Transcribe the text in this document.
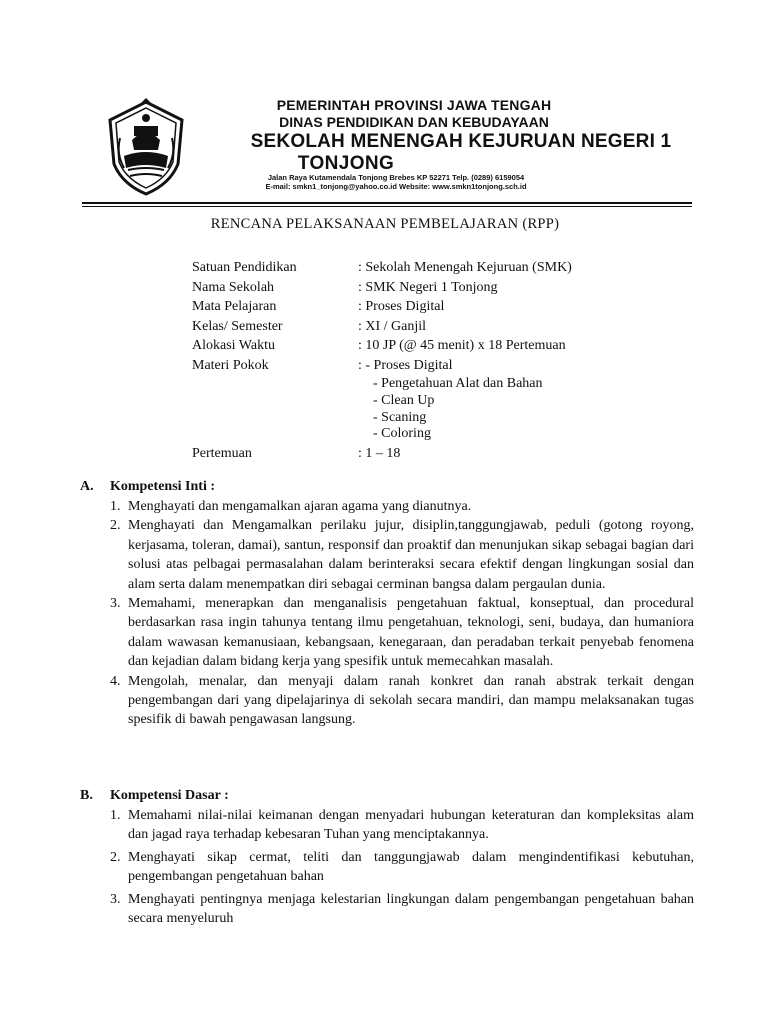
PEMERINTAH PROVINSI JAWA TENGAH
DINAS PENDIDIKAN DAN KEBUDAYAAN
SEKOLAH MENENGAH KEJURUAN NEGERI 1
TONJONG
Jalan Raya Kutamendala Tonjong Brebes KP 52271 Telp. (0289) 6159054
E-mail: smkn1_tonjong@yahoo.co.id Website: www.smkn1tonjong.sch.id
RENCANA PELAKSANAAN PEMBELAJARAN (RPP)
Satuan Pendidikan	: Sekolah Menengah Kejuruan (SMK)
Nama Sekolah	: SMK Negeri 1 Tonjong
Mata Pelajaran	: Proses Digital
Kelas/ Semester	: XI / Ganjil
Alokasi Waktu	: 10 JP (@ 45 menit) x 18 Pertemuan
Materi Pokok	: - Proses Digital
- Pengetahuan Alat dan Bahan
- Clean Up
- Scaning
- Coloring
Pertemuan	: 1 – 18
A.	Kompetensi Inti :
1. Menghayati dan mengamalkan ajaran agama yang dianutnya.
2. Menghayati dan Mengamalkan perilaku jujur, disiplin,tanggungjawab, peduli (gotong royong, kerjasama, toleran, damai), santun, responsif dan proaktif dan menunjukan sikap sebagai bagian dari solusi atas pelbagai permasalahan dalam berinteraksi secara efektif dengan lingkungan sosial dan alam serta dalam menempatkan diri sebagai cerminan bangsa dalam pergaulan dunia.
3. Memahami, menerapkan dan menganalisis pengetahuan faktual, konseptual, dan procedural berdasarkan rasa ingin tahunya tentang ilmu pengetahuan, teknologi, seni, budaya, dan humaniora dalam wawasan kemanusiaan, kebangsaan, kenegaraan, dan peradaban terkait penyebab fenomena dan kejadian dalam bidang kerja yang spesifik untuk memecahkan masalah.
4. Mengolah, menalar, dan menyaji dalam ranah konkret dan ranah abstrak terkait dengan pengembangan dari yang dipelajarinya di sekolah secara mandiri, dan mampu melaksanakan tugas spesifik di bawah pengawasan langsung.
B.	Kompetensi Dasar :
1. Memahami nilai-nilai keimanan dengan menyadari hubungan keteraturan dan kompleksitas alam dan jagad raya terhadap kebesaran Tuhan yang menciptakannya.
2. Menghayati sikap cermat, teliti dan tanggungjawab dalam mengindentifikasi kebutuhan, pengembangan pengetahuan bahan
3. Menghayati pentingnya menjaga kelestarian lingkungan dalam pengembangan pengetahuan bahan secara menyeluruh
